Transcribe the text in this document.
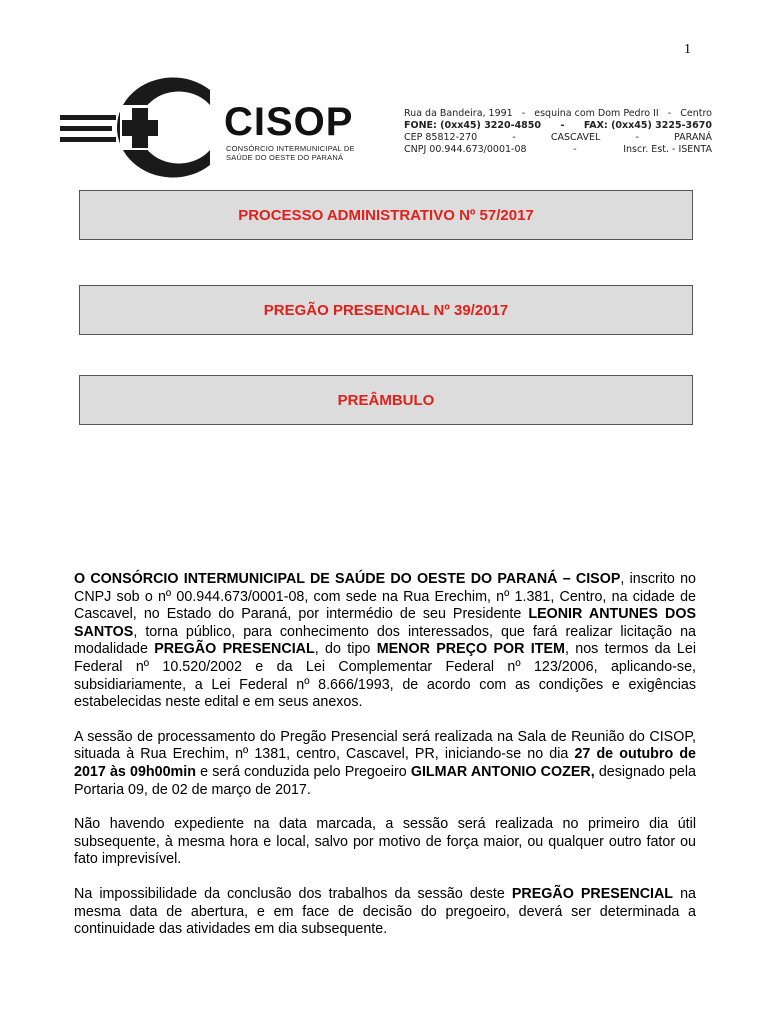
1
CISOP
CONSÓRCIO INTERMUNICIPAL DE
SAÚDE DO OESTE DO PARANÁ
Rua da Bandeira, 1991 - esquina com Dom Pedro II - Centro
FONE: (0xx45) 3220-4850 - FAX: (0xx45) 3225-3670
CEP 85812-270	-	CASCAVEL	-	PARANÁ
CNPJ 00.944.673/0001-08	-	Inscr. Est. - ISENTA
PROCESSO ADMINISTRATIVO Nº 57/2017
PREGÃO PRESENCIAL Nº 39/2017
PREÂMBULO

O CONSÓRCIO INTERMUNICIPAL DE SAÚDE DO OESTE DO PARANÁ – CISOP, inscrito no CNPJ sob o nº 00.944.673/0001-08, com sede na Rua Erechim, nº 1.381, Centro, na cidade de Cascavel, no Estado do Paraná, por intermédio de seu Presidente LEONIR ANTUNES DOS SANTOS, torna público, para conhecimento dos interessados, que fará realizar licitação na modalidade PREGÃO PRESENCIAL, do tipo MENOR PREÇO POR ITEM, nos termos da Lei Federal nº 10.520/2002 e da Lei Complementar Federal nº 123/2006, aplicando-se, subsidiariamente, a Lei Federal nº 8.666/1993, de acordo com as condições e exigências estabelecidas neste edital e em seus anexos.

A sessão de processamento do Pregão Presencial será realizada na Sala de Reunião do CISOP, situada à Rua Erechim, nº 1381, centro, Cascavel, PR, iniciando-se no dia 27 de outubro de 2017 às 09h00min e será conduzida pelo Pregoeiro GILMAR ANTONIO COZER, designado pela Portaria 09, de 02 de março de 2017.

Não havendo expediente na data marcada, a sessão será realizada no primeiro dia útil subsequente, à mesma hora e local, salvo por motivo de força maior, ou qualquer outro fator ou fato imprevisível.

Na impossibilidade da conclusão dos trabalhos da sessão deste PREGÃO PRESENCIAL na mesma data de abertura, e em face de decisão do pregoeiro, deverá ser determinada a continuidade das atividades em dia subsequente.
